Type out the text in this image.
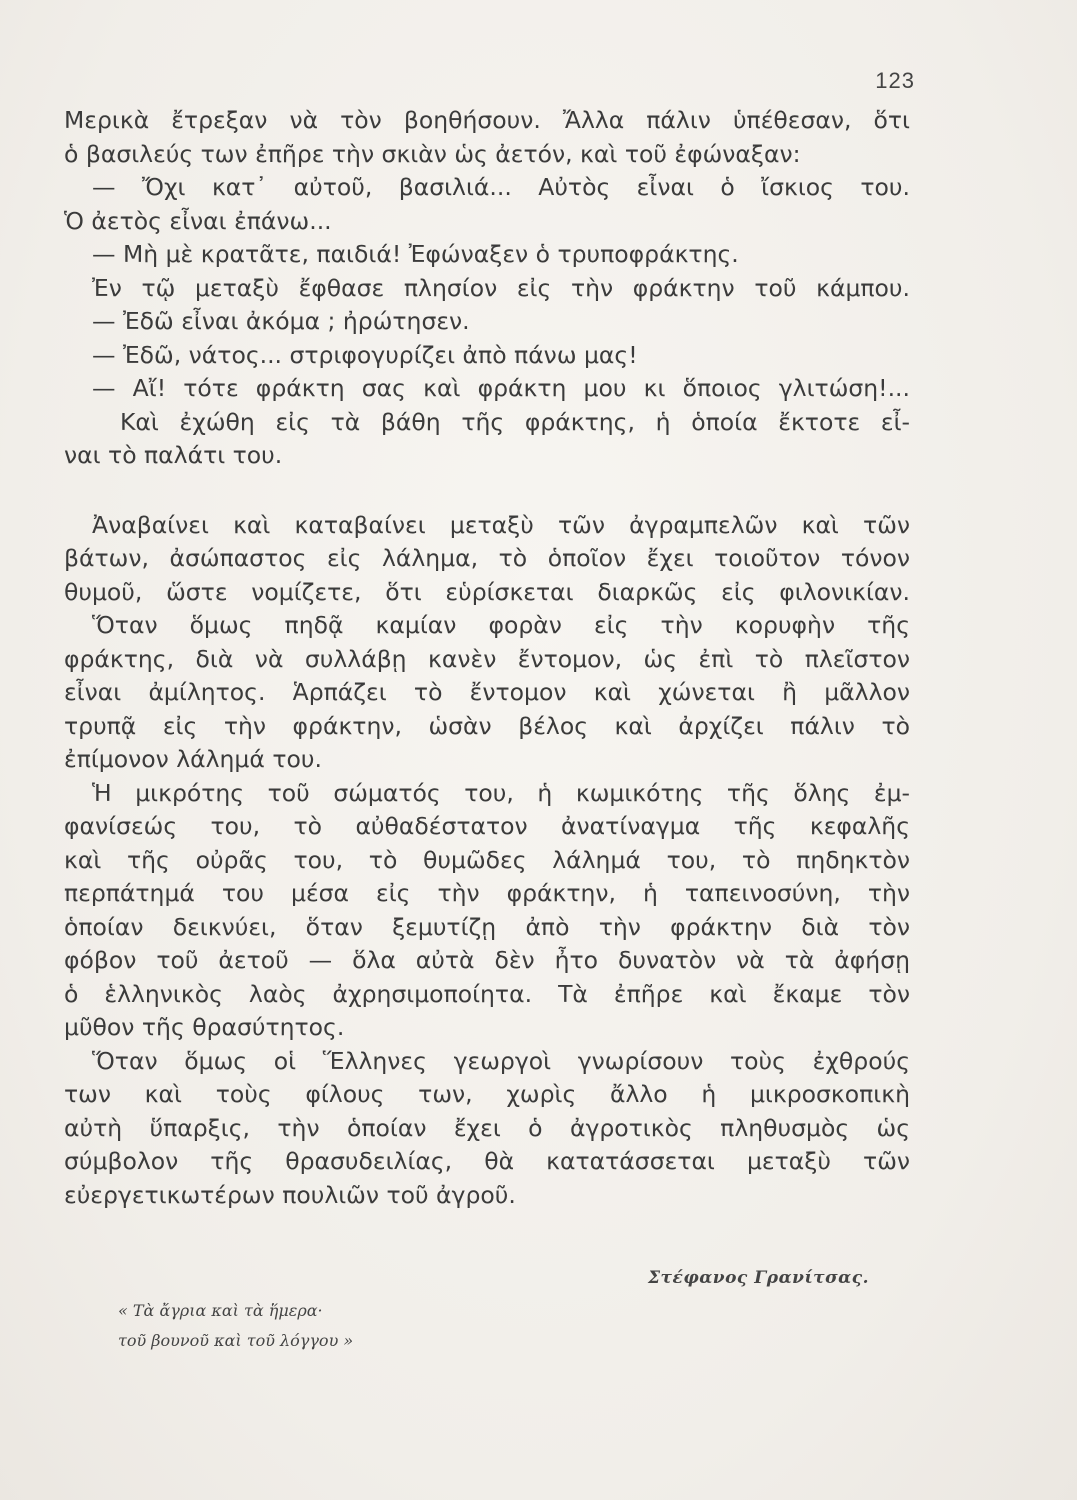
123
Μερικὰ ἔτρεξαν νὰ τὸν βοηθήσουν. Ἄλλα πάλιν ὑπέθεσαν, ὅτι
ὁ βασιλεύς των ἐπῆρε τὴν σκιὰν ὡς ἀετόν, καὶ τοῦ ἐφώναξαν:
— Ὄχι κατ᾽ αὐτοῦ, βασιλιά... Αὐτὸς εἶναι ὁ ἴσκιος του.
Ὁ ἀετὸς εἶναι ἐπάνω...
— Μὴ μὲ κρατᾶτε, παιδιά! Ἐφώναξεν ὁ τρυποφράκτης.
Ἐν τῷ μεταξὺ ἔφθασε πλησίον εἰς τὴν φράκτην τοῦ κάμπου.
— Ἐδῶ εἶναι ἀκόμα ; ἠρώτησεν.
— Ἐδῶ, νάτος... στριφογυρίζει ἀπὸ πάνω μας!
— Αἴ! τότε φράκτη σας καὶ φράκτη μου κι ὅποιος γλιτώση!...
Καὶ ἐχώθη εἰς τὰ βάθη τῆς φράκτης, ἡ ὁποία ἔκτοτε εἶ-
ναι τὸ παλάτι του.
Ἀναβαίνει καὶ καταβαίνει μεταξὺ τῶν ἀγραμπελῶν καὶ τῶν
βάτων, ἀσώπαστος εἰς λάλημα, τὸ ὁποῖον ἔχει τοιοῦτον τόνον
θυμοῦ, ὥστε νομίζετε, ὅτι εὑρίσκεται διαρκῶς εἰς φιλονικίαν.
Ὅταν ὅμως πηδᾷ καμίαν φορὰν εἰς τὴν κορυφὴν τῆς
φράκτης, διὰ νὰ συλλάβῃ κανὲν ἔντομον, ὡς ἐπὶ τὸ πλεῖστον
εἶναι ἀμίλητος. Ἁρπάζει τὸ ἔντομον καὶ χώνεται ἢ μᾶλλον
τρυπᾷ εἰς τὴν φράκτην, ὡσὰν βέλος καὶ ἀρχίζει πάλιν τὸ
ἐπίμονον λάλημά του.
Ἡ μικρότης τοῦ σώματός του, ἡ κωμικότης τῆς ὅλης ἐμ-
φανίσεώς του, τὸ αὐθαδέστατον ἀνατίναγμα τῆς κεφαλῆς
καὶ τῆς οὐρᾶς του, τὸ θυμῶδες λάλημά του, τὸ πηδηκτὸν
περπάτημά του μέσα εἰς τὴν φράκτην, ἡ ταπεινοσύνη, τὴν
ὁποίαν δεικνύει, ὅταν ξεμυτίζῃ ἀπὸ τὴν φράκτην διὰ τὸν
φόβον τοῦ ἀετοῦ — ὅλα αὐτὰ δὲν ἦτο δυνατὸν νὰ τὰ ἀφήσῃ
ὁ ἑλληνικὸς λαὸς ἀχρησιμοποίητα. Τὰ ἐπῆρε καὶ ἔκαμε τὸν
μῦθον τῆς θρασύτητος.
Ὅταν ὅμως οἱ Ἕλληνες γεωργοὶ γνωρίσουν τοὺς ἐχθρούς
των καὶ τοὺς φίλους των, χωρὶς ἄλλο ἡ μικροσκοπικὴ
αὐτὴ ὕπαρξις, τὴν ὁποίαν ἔχει ὁ ἀγροτικὸς πληθυσμὸς ὡς
σύμβολον τῆς θρασυδειλίας, θὰ κατατάσσεται μεταξὺ τῶν
εὐεργετικωτέρων πουλιῶν τοῦ ἀγροῦ.
Στέφανος Γρανίτσας.
« Τὰ ἄγρια καὶ τὰ ἥμερα·
τοῦ βουνοῦ καὶ τοῦ λόγγου »
